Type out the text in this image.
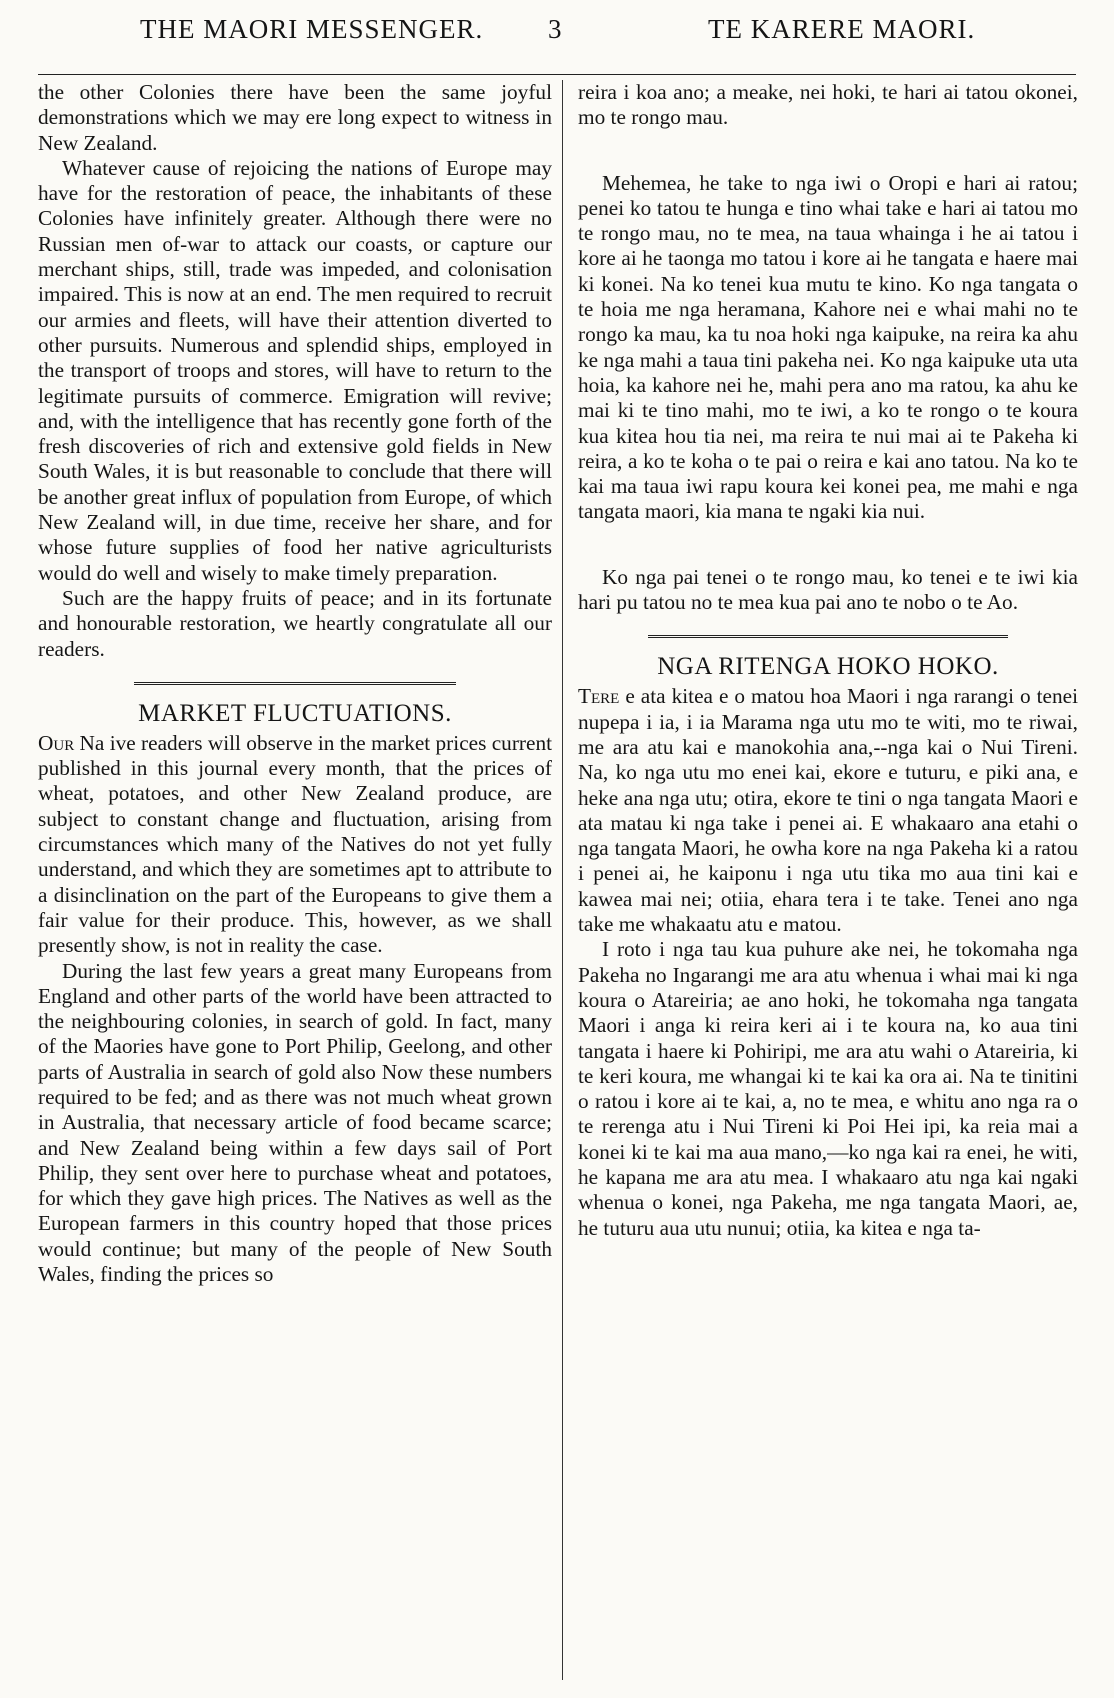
THE MAORI MESSENGER. 3	TE KARERE MAORI.

the other Colonies there have been the same joyful demonstrations which we may ere long expect to witness in New Zealand.

Whatever cause of rejoicing the nations of Europe may have for the restoration of peace, the inhabitants of these Colonies have infinitely greater. Although there were no Russian men of-war to attack our coasts, or capture our merchant ships, still, trade was impeded, and colonisation impaired. This is now at an end. The men required to recruit our armies and fleets, will have their attention diverted to other pursuits. Numerous and splendid ships, employed in the transport of troops and stores, will have to return to the legitimate pursuits of commerce. Emigration will revive; and, with the intelligence that has recently gone forth of the fresh discoveries of rich and extensive gold fields in New South Wales, it is but reasonable to conclude that there will be another great influx of population from Europe, of which New Zealand will, in due time, receive her share, and for whose future supplies of food her native agriculturists would do well and wisely to make timely preparation.

Such are the happy fruits of peace; and in its fortunate and honourable restoration, we heartly congratulate all our readers.

MARKET FLUCTUATIONS.

Our Na ive readers will observe in the market prices current published in this journal every month, that the prices of wheat, potatoes, and other New Zealand produce, are subject to constant change and fluctuation, arising from circumstances which many of the Natives do not yet fully understand, and which they are sometimes apt to attribute to a disinclination on the part of the Europeans to give them a fair value for their produce. This, however, as we shall presently show, is not in reality the case.

During the last few years a great many Europeans from England and other parts of the world have been attracted to the neighbouring colonies, in search of gold. In fact, many of the Maories have gone to Port Philip, Geelong, and other parts of Australia in search of gold also Now these numbers required to be fed; and as there was not much wheat grown in Australia, that necessary article of food became scarce; and New Zealand being within a few days sail of Port Philip, they sent over here to purchase wheat and potatoes, for which they gave high prices. The Natives as well as the European farmers in this country hoped that those prices would continue; but many of the people of New South Wales, finding the prices so

reira i koa ano; a meake, nei hoki, te hari ai tatou okonei, mo te rongo mau.

Mehemea, he take to nga iwi o Oropi e hari ai ratou; penei ko tatou te hunga e tino whai take e hari ai tatou mo te rongo mau, no te mea, na taua whainga i he ai tatou i kore ai he taonga mo tatou i kore ai he tangata e haere mai ki konei. Na ko tenei kua mutu te kino. Ko nga tangata o te hoia me nga heramana, Kahore nei e whai mahi no te rongo ka mau, ka tu noa hoki nga kaipuke, na reira ka ahu ke nga mahi a taua tini pakeha nei. Ko nga kaipuke uta uta hoia, ka kahore nei he, mahi pera ano ma ratou, ka ahu ke mai ki te tino mahi, mo te iwi, a ko te rongo o te koura kua kitea hou tia nei, ma reira te nui mai ai te Pakeha ki reira, a ko te koha o te pai o reira e kai ano tatou. Na ko te kai ma taua iwi rapu koura kei konei pea, me mahi e nga tangata maori, kia mana te ngaki kia nui.

Ko nga pai tenei o te rongo mau, ko tenei e te iwi kia hari pu tatou no te mea kua pai ano te nobo o te Ao.

NGA RITENGA HOKO HOKO.

Tere e ata kitea e o matou hoa Maori i nga rarangi o tenei nupepa i ia, i ia Marama nga utu mo te witi, mo te riwai, me ara atu kai e manokohia ana,--nga kai o Nui Tireni. Na, ko nga utu mo enei kai, ekore e tuturu, e piki ana, e heke ana nga utu; otira, ekore te tini o nga tangata Maori e ata matau ki nga take i penei ai. E whakaaro ana etahi o nga tangata Maori, he owha kore na nga Pakeha ki a ratou i penei ai, he kaiponu i nga utu tika mo aua tini kai e kawea mai nei; otiia, ehara tera i te take. Tenei ano nga take me whakaatu atu e matou.

I roto i nga tau kua puhure ake nei, he tokomaha nga Pakeha no Ingarangi me ara atu whenua i whai mai ki nga koura o Atareiria; ae ano hoki, he tokomaha nga tangata Maori i anga ki reira keri ai i te koura na, ko aua tini tangata i haere ki Pohiripi, me ara atu wahi o Atareiria, ki te keri koura, me whangai ki te kai ka ora ai. Na te tinitini o ratou i kore ai te kai, a, no te mea, e whitu ano nga ra o te rerenga atu i Nui Tireni ki Poi Hei ipi, ka reia mai a konei ki te kai ma aua mano,—ko nga kai ra enei, he witi, he kapana me ara atu mea. I whakaaro atu nga kai ngaki whenua o konei, nga Pakeha, me nga tangata Maori, ae, he tuturu aua utu nunui; otiia, ka kitea e nga ta-
